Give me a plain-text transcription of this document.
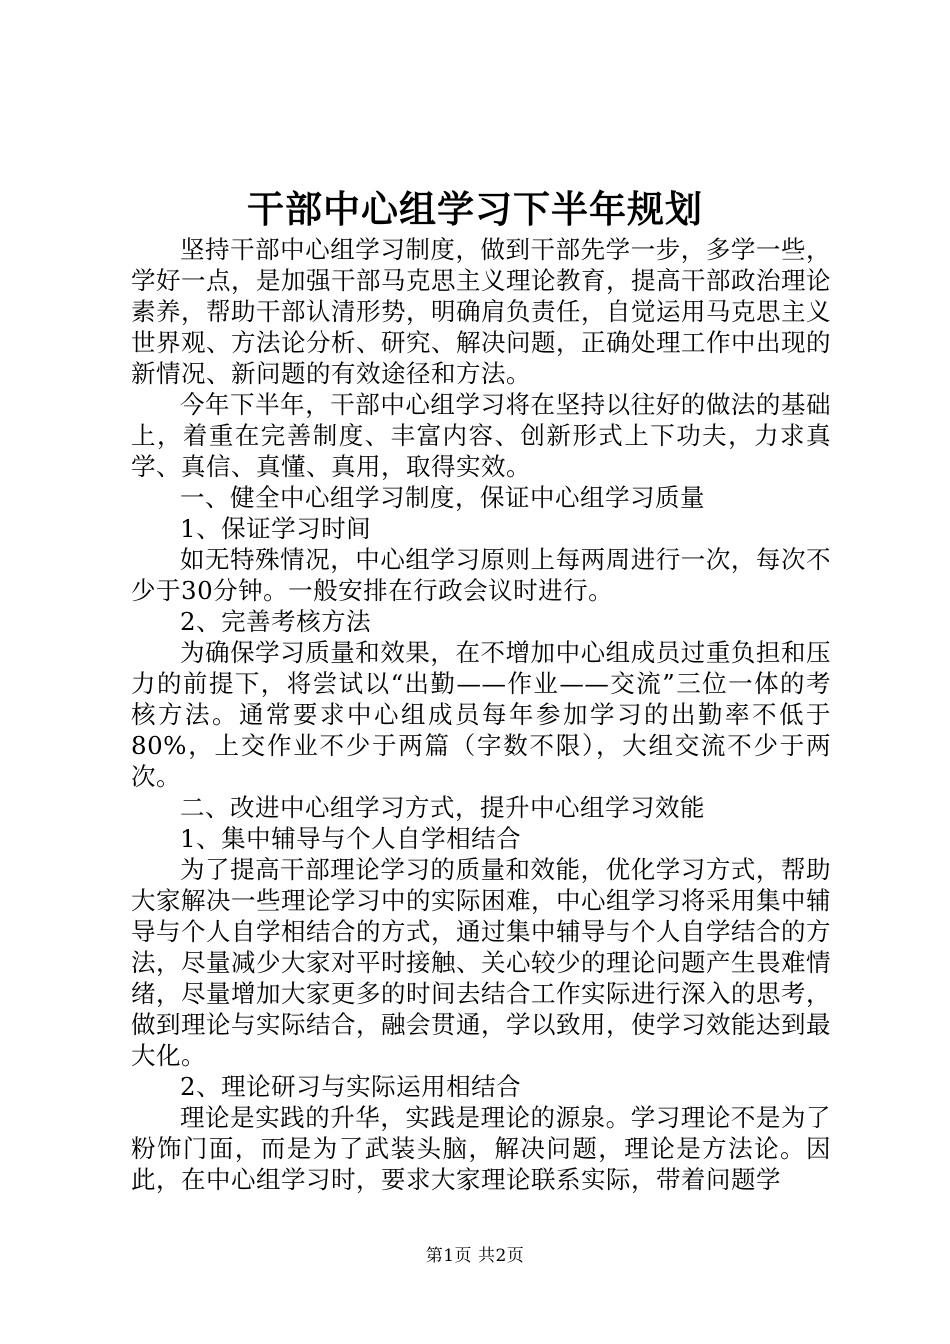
干部中心组学习下半年规划

坚持干部中心组学习制度，做到干部先学一步，多学一些，学好一点，是加强干部马克思主义理论教育，提高干部政治理论素养，帮助干部认清形势，明确肩负责任，自觉运用马克思主义世界观、方法论分析、研究、解决问题，正确处理工作中出现的新情况、新问题的有效途径和方法。

今年下半年，干部中心组学习将在坚持以往好的做法的基础上，着重在完善制度、丰富内容、创新形式上下功夫，力求真学、真信、真懂、真用，取得实效。

一、健全中心组学习制度，保证中心组学习质量

1、保证学习时间

如无特殊情况，中心组学习原则上每两周进行一次，每次不少于30分钟。一般安排在行政会议时进行。

2、完善考核方法

为确保学习质量和效果，在不增加中心组成员过重负担和压力的前提下，将尝试以“出勤——作业——交流”三位一体的考核方法。通常要求中心组成员每年参加学习的出勤率不低于80%，上交作业不少于两篇（字数不限），大组交流不少于两次。

二、改进中心组学习方式，提升中心组学习效能

1、集中辅导与个人自学相结合

为了提高干部理论学习的质量和效能，优化学习方式，帮助大家解决一些理论学习中的实际困难，中心组学习将采用集中辅导与个人自学相结合的方式，通过集中辅导与个人自学结合的方法，尽量减少大家对平时接触、关心较少的理论问题产生畏难情绪，尽量增加大家更多的时间去结合工作实际进行深入的思考，做到理论与实际结合，融会贯通，学以致用，使学习效能达到最大化。

2、理论研习与实际运用相结合

理论是实践的升华，实践是理论的源泉。学习理论不是为了粉饰门面，而是为了武装头脑，解决问题，理论是方法论。因此，在中心组学习时，要求大家理论联系实际，带着问题学

第1页 共2页
